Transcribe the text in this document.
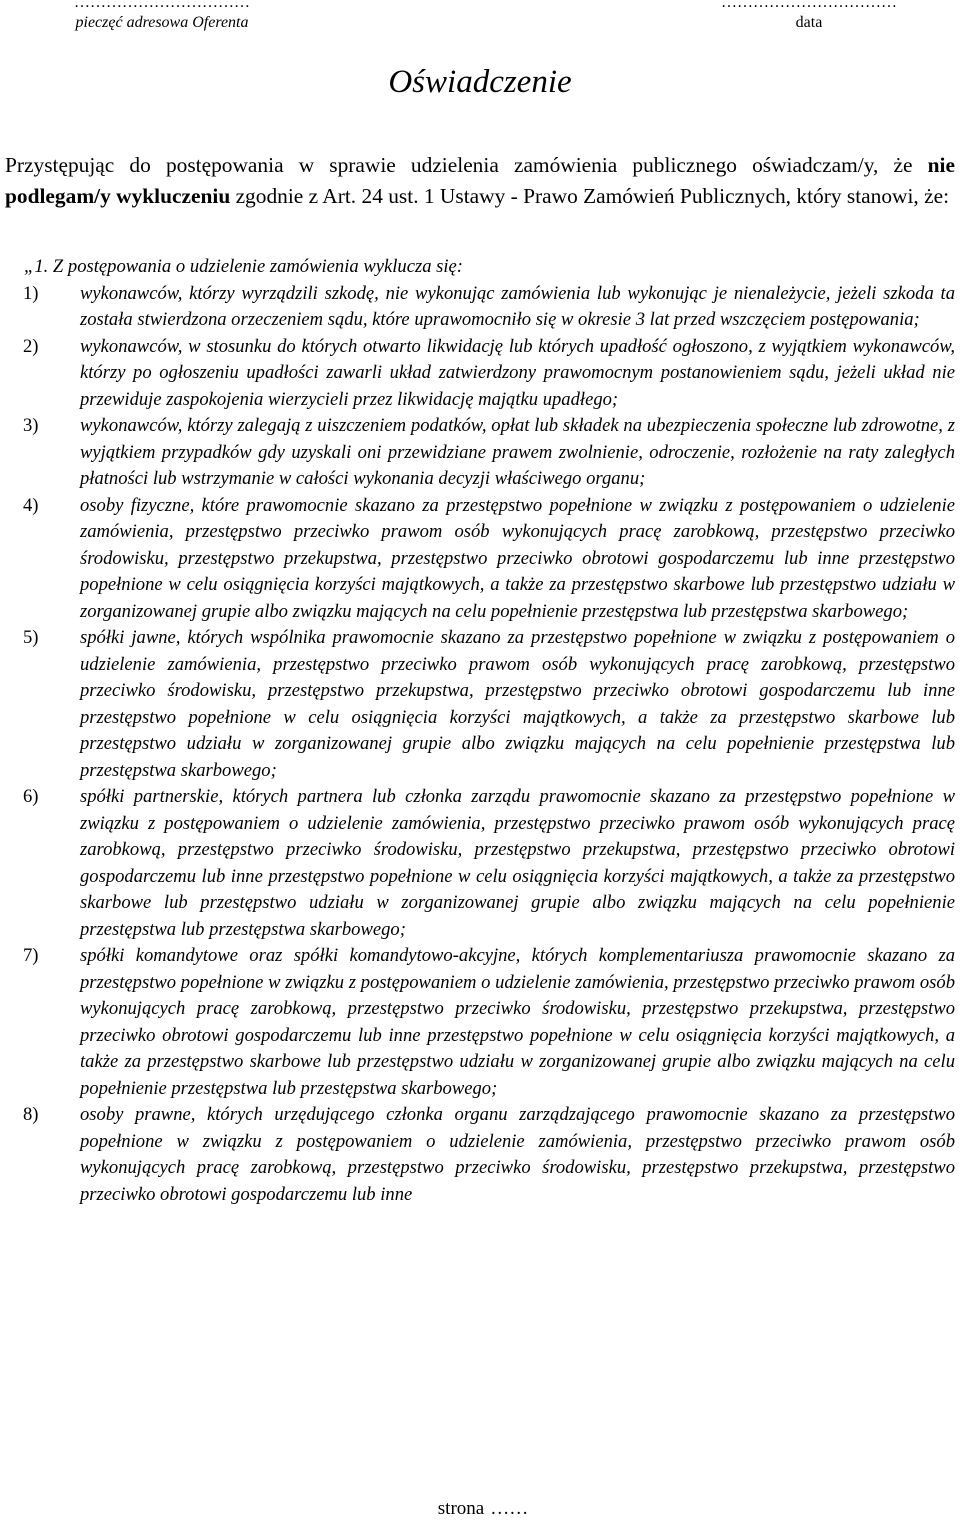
……………………………
pieczęć adresowa Oferenta
……………………………
data
Oświadczenie

Przystępując do postępowania w sprawie udzielenia zamówienia publicznego oświadczam/y, że nie podlegam/y wykluczeniu zgodnie z Art. 24 ust. 1 Ustawy - Prawo Zamówień Publicznych, który stanowi, że:

„1. Z postępowania o udzielenie zamówienia wyklucza się:

1) wykonawców, którzy wyrządzili szkodę, nie wykonując zamówienia lub wykonując je nienależycie, jeżeli szkoda ta została stwierdzona orzeczeniem sądu, które uprawomocniło się w okresie 3 lat przed wszczęciem postępowania;
2) wykonawców, w stosunku do których otwarto likwidację lub których upadłość ogłoszono, z wyjątkiem wykonawców, którzy po ogłoszeniu upadłości zawarli układ zatwierdzony prawomocnym postanowieniem sądu, jeżeli układ nie przewiduje zaspokojenia wierzycieli przez likwidację majątku upadłego;
3) wykonawców, którzy zalegają z uiszczeniem podatków, opłat lub składek na ubezpieczenia społeczne lub zdrowotne, z wyjątkiem przypadków gdy uzyskali oni przewidziane prawem zwolnienie, odroczenie, rozłożenie na raty zaległych płatności lub wstrzymanie w całości wykonania decyzji właściwego organu;
4) osoby fizyczne, które prawomocnie skazano za przestępstwo popełnione w związku z postępowaniem o udzielenie zamówienia, przestępstwo przeciwko prawom osób wykonujących pracę zarobkową, przestępstwo przeciwko środowisku, przestępstwo przekupstwa, przestępstwo przeciwko obrotowi gospodarczemu lub inne przestępstwo popełnione w celu osiągnięcia korzyści majątkowych, a także za przestępstwo skarbowe lub przestępstwo udziału w zorganizowanej grupie albo związku mających na celu popełnienie przestępstwa lub przestępstwa skarbowego;
5) spółki jawne, których wspólnika prawomocnie skazano za przestępstwo popełnione w związku z postępowaniem o udzielenie zamówienia, przestępstwo przeciwko prawom osób wykonujących pracę zarobkową, przestępstwo przeciwko środowisku, przestępstwo przekupstwa, przestępstwo przeciwko obrotowi gospodarczemu lub inne przestępstwo popełnione w celu osiągnięcia korzyści majątkowych, a także za przestępstwo skarbowe lub przestępstwo udziału w zorganizowanej grupie albo związku mających na celu popełnienie przestępstwa lub przestępstwa skarbowego;
6) spółki partnerskie, których partnera lub członka zarządu prawomocnie skazano za przestępstwo popełnione w związku z postępowaniem o udzielenie zamówienia, przestępstwo przeciwko prawom osób wykonujących pracę zarobkową, przestępstwo przeciwko środowisku, przestępstwo przekupstwa, przestępstwo przeciwko obrotowi gospodarczemu lub inne przestępstwo popełnione w celu osiągnięcia korzyści majątkowych, a także za przestępstwo skarbowe lub przestępstwo udziału w zorganizowanej grupie albo związku mających na celu popełnienie przestępstwa lub przestępstwa skarbowego;
7) spółki komandytowe oraz spółki komandytowo-akcyjne, których komplementariusza prawomocnie skazano za przestępstwo popełnione w związku z postępowaniem o udzielenie zamówienia, przestępstwo przeciwko prawom osób wykonujących pracę zarobkową, przestępstwo przeciwko środowisku, przestępstwo przekupstwa, przestępstwo przeciwko obrotowi gospodarczemu lub inne przestępstwo popełnione w celu osiągnięcia korzyści majątkowych, a także za przestępstwo skarbowe lub przestępstwo udziału w zorganizowanej grupie albo związku mających na celu popełnienie przestępstwa lub przestępstwa skarbowego;
8) osoby prawne, których urzędującego członka organu zarządzającego prawomocnie skazano za przestępstwo popełnione w związku z postępowaniem o udzielenie zamówienia, przestępstwo przeciwko prawom osób wykonujących pracę zarobkową, przestępstwo przeciwko środowisku, przestępstwo przekupstwa, przestępstwo przeciwko obrotowi gospodarczemu lub inne
strona ……
